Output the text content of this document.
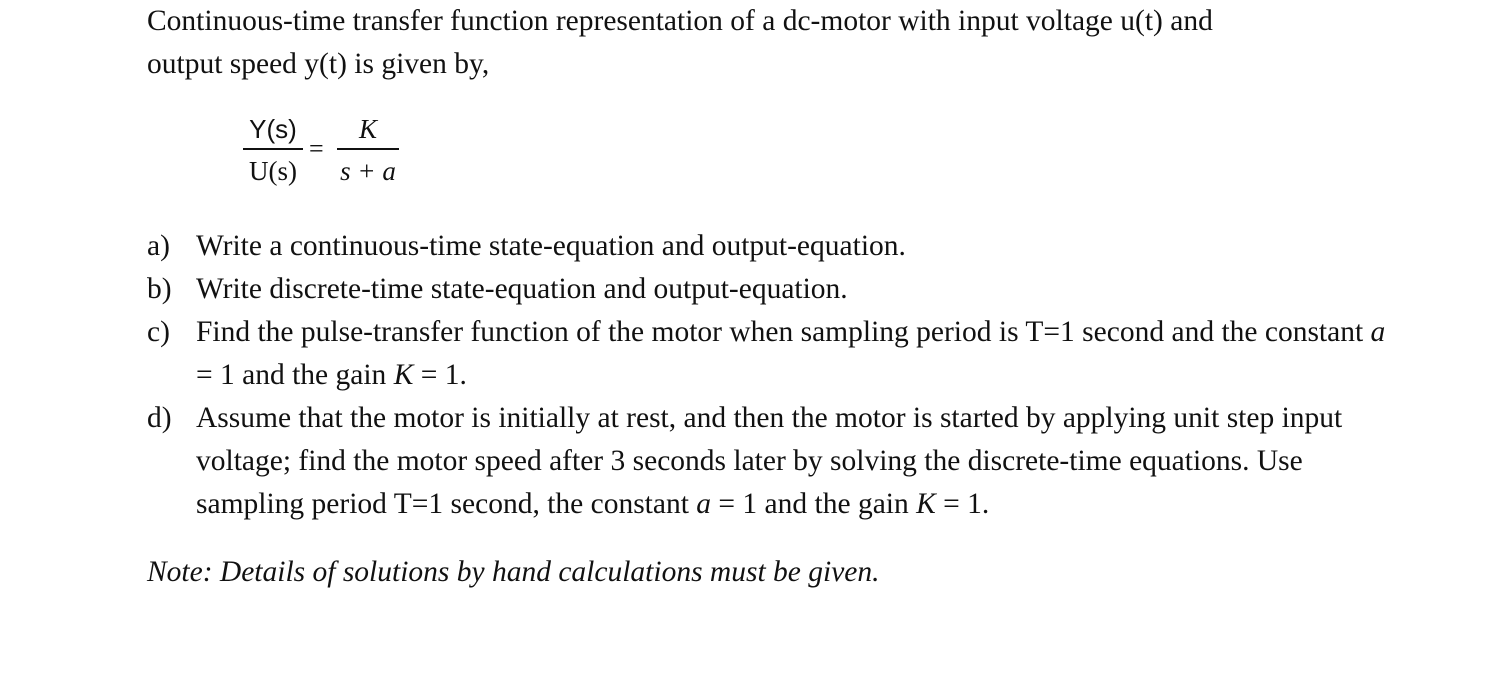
Continuous-time transfer function representation of a dc-motor with input voltage u(t) and
output speed y(t) is given by,
Y(s)
U(s)
=
K
s + a
a) Write a continuous-time state-equation and output-equation.
b) Write discrete-time state-equation and output-equation.
c) Find the pulse-transfer function of the motor when sampling period is T=1 second and the constant a = 1 and the gain K = 1.
d) Assume that the motor is initially at rest, and then the motor is started by applying unit step input voltage; find the motor speed after 3 seconds later by solving the discrete-time equations. Use sampling period T=1 second, the constant a = 1 and the gain K = 1.
Note: Details of solutions by hand calculations must be given.
